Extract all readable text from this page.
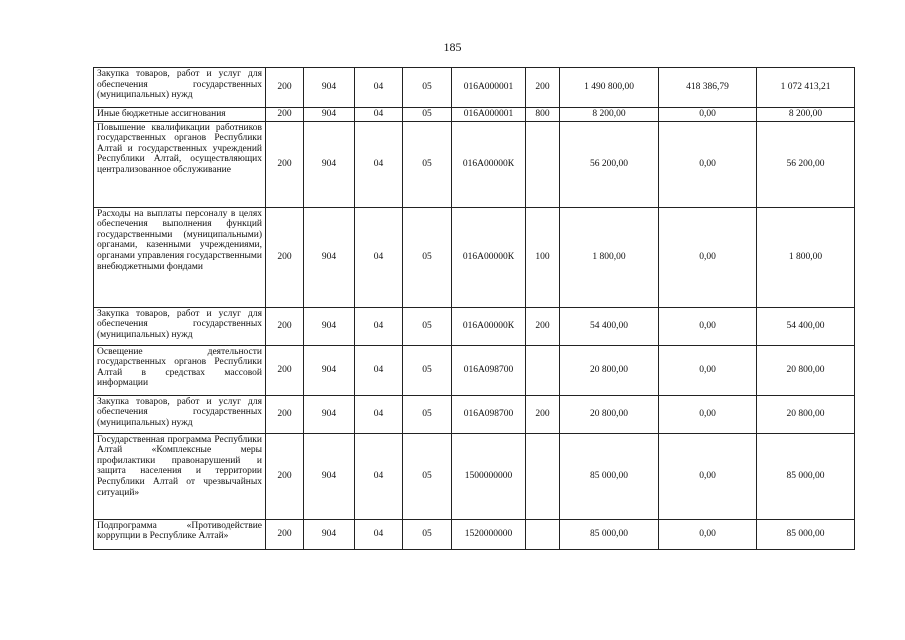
185
Закупка товаров, работ и услуг для обеспечения государственных (муниципальных) нужд	200	904	04	05	016А000001	200	1 490 800,00	418 386,79	1 072 413,21
Иные бюджетные ассигнования	200	904	04	05	016А000001	800	8 200,00	0,00	8 200,00
Повышение квалификации работников государственных органов Республики Алтай и государственных учреждений Республики Алтай, осуществляющих централизованное обслуживание	200	904	04	05	016А00000К		56 200,00	0,00	56 200,00
Расходы на выплаты персоналу в целях обеспечения выполнения функций государственными (муниципальными) органами, казенными учреждениями, органами управления государственными внебюджетными фондами	200	904	04	05	016А00000К	100	1 800,00	0,00	1 800,00
Закупка товаров, работ и услуг для обеспечения государственных (муниципальных) нужд	200	904	04	05	016А00000К	200	54 400,00	0,00	54 400,00
Освещение деятельности государственных органов Республики Алтай в средствах массовой информации	200	904	04	05	016А098700		20 800,00	0,00	20 800,00
Закупка товаров, работ и услуг для обеспечения государственных (муниципальных) нужд	200	904	04	05	016А098700	200	20 800,00	0,00	20 800,00
Государственная программа Республики Алтай «Комплексные меры профилактики правонарушений и защита населения и территории Республики Алтай от чрезвычайных ситуаций»	200	904	04	05	1500000000		85 000,00	0,00	85 000,00
Подпрограмма «Противодействие коррупции в Республике Алтай»	200	904	04	05	1520000000		85 000,00	0,00	85 000,00
